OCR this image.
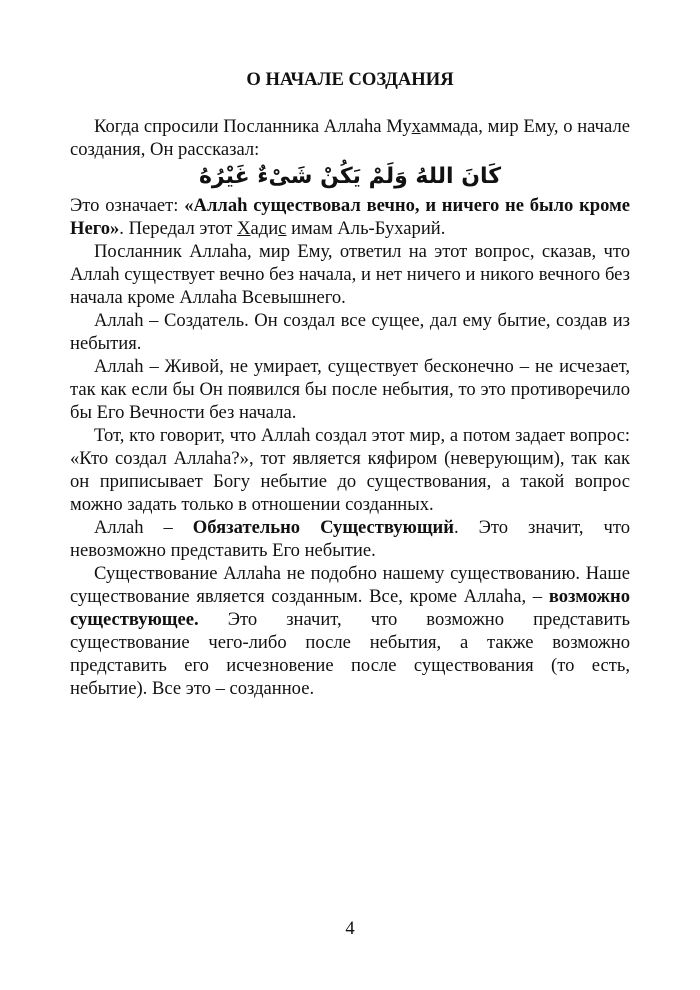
О НАЧАЛЕ СОЗДАНИЯ

Когда спросили Посланника Аллаhа Мухаммада, мир Ему, о начале создания, Он рассказал:

كَانَ اللهُ وَلَمْ يَكُنْ شَىْءٌ غَيْرُهُ

Это означает: «Аллаh существовал вечно, и ничего не было кроме Него». Передал этот Хадис имам Аль-Бухарий.

Посланник Аллаhа, мир Ему, ответил на этот вопрос, сказав, что Аллаh существует вечно без начала, и нет ничего и никого вечного без начала кроме Аллаhа Всевышнего.

Аллаh – Создатель. Он создал все сущее, дал ему бытие, создав из небытия.

Аллаh – Живой, не умирает, существует бесконечно – не исчезает, так как если бы Он появился бы после небытия, то это противоречило бы Его Вечности без начала.

Тот, кто говорит, что Аллаh создал этот мир, а потом задает вопрос: «Кто создал Аллаhа?», тот является кяфиром (неверующим), так как он приписывает Богу небытие до существования, а такой вопрос можно задать только в отношении созданных.

Аллаh – Обязательно Существующий. Это значит, что невозможно представить Его небытие.

Существование Аллаhа не подобно нашему существованию. Наше существование является созданным. Все, кроме Аллаhа, – возможно существующее. Это значит, что возможно представить существование чего-либо после небытия, а также возможно представить его исчезновение после существования (то есть, небытие). Все это – созданное.

4
